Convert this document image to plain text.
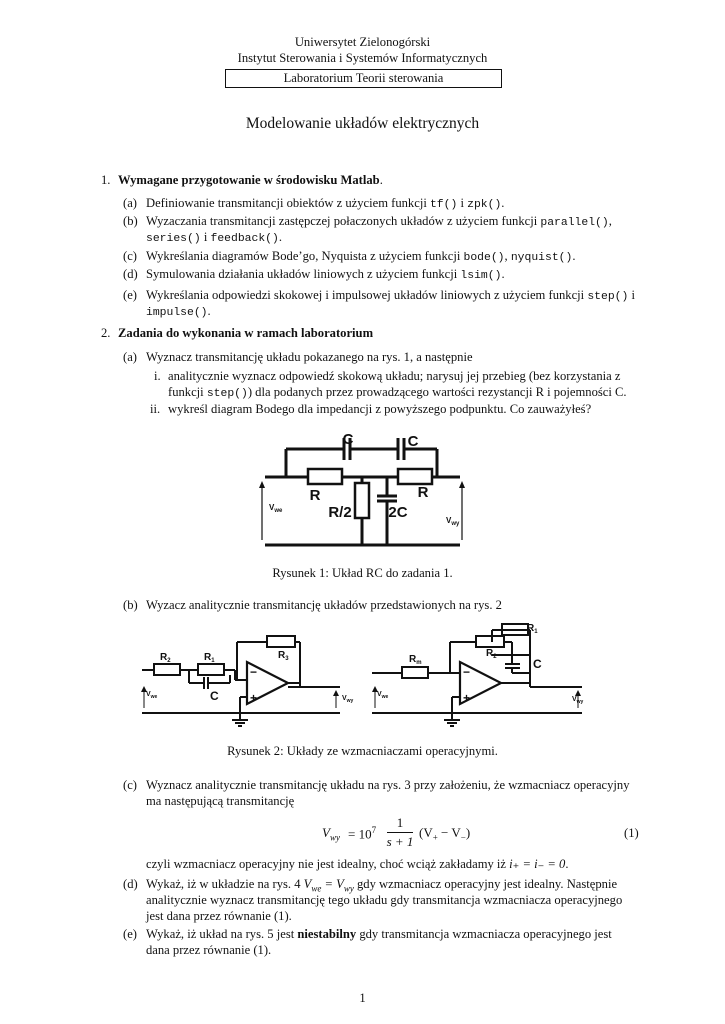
Uniwersytet Zielonogórski
Instytut Sterowania i Systemów Informatycznych
Laboratorium Teorii sterowania
Modelowanie układów elektrycznych
1. Wymagane przygotowanie w środowisku Matlab.
(a) Definiowanie transmitancji obiektów z użyciem funkcji tf() i zpk().
(b) Wyzaczania transmitancji zastępczej połaczonych układów z użyciem funkcji parallel(),
series() i feedback().
(c) Wykreślania diagramów Bode’go, Nyquista z użyciem funkcji bode(), nyquist().
(d) Symulowania działania układów liniowych z użyciem funkcji lsim().
(e) Wykreślania odpowiedzi skokowej i impulsowej układów liniowych z użyciem funkcji step() i
impulse().
2. Zadania do wykonania w ramach laboratorium
(a) Wyznacz transmitancję układu pokazanego na rys. 1, a następnie
i. analitycznie wyznacz odpowiedź skokową układu; narysuj jej przebieg (bez korzystania z
funkcji step()) dla podanych przez prowadzącego wartości rezystancji R i pojemności C.
ii. wykreśl diagram Bodego dla impedancji z powyższego podpunktu. Co zauważyłeś?
C	C
R	R
R/2 2C
$V_{we}$
$V_{wy}$
Rysunek 1: Układ RC do zadania 1.
(b) Wyzacz analitycznie transmitancję układów przedstawionych na rys. 2
$R_2$	$R_1$	$R_3$
C
−
+
$V_{we}$	$V_{wy}$
$R_1$
$R_m$
$R_2$	C
−
+
$V_{we}$	$V_{wy}$
Rysunek 2: Układy ze wzmacniaczami operacyjnymi.
(c) Wyznacz analitycznie transmitancję układu na rys. 3 przy założeniu, że wzmacniacz operacyjny
ma następującą transmitancję
$V_{wy} = 10^7$	1
s + 1
$(V_+ - V_-)$	(1)
czyli wzmacniacz operacyjny nie jest idealny, choć wciąż zakładamy iż i₊ = i₋ = 0.
(d) Wykaż, iż w układzie na rys. 4 $V_{we} = V_{wy}$ gdy wzmacniacz operacyjny jest idealny. Następnie
analitycznie wyznacz transmitancję tego układu gdy transmitancja wzmacniacza operacyjnego
jest dana przez równanie (1).
(e) Wykaż, iż układ na rys. 5 jest niestabilny gdy transmitancja wzmacniacza operacyjnego jest
dana przez równanie (1).
1
